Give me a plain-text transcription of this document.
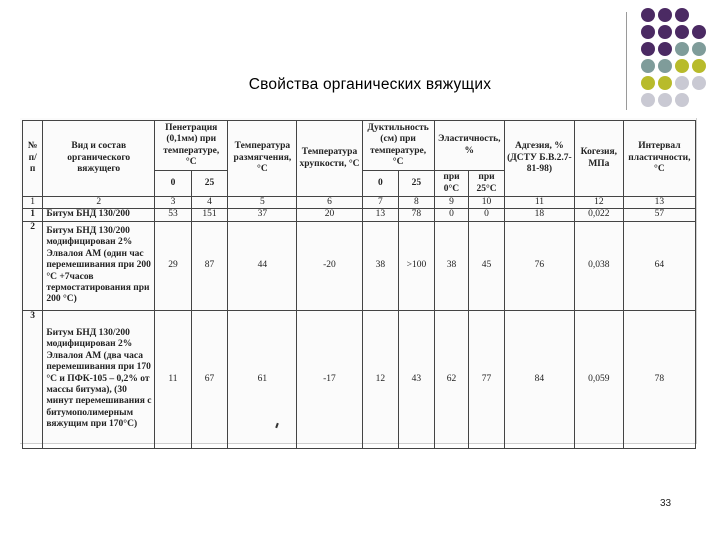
Свойства органических вяжущих
№ п/ п	Вид и состав органического вяжущего	Пенетрация (0,1мм) при температуре, °С		Температура размягчения, °С	Температура хрупкости, °С	Дуктильность (см) при температуре, °С		Эластичность, %		Адгезия, % (ДСТУ Б.В.2.7-81-98)	Когезия, МПа	Интервал пластичности, °С
		0	25			0	25	при 0°С	при 25°С			
1	2	3	4	5	6	7	8	9	10	11	12	13
1	Битум БНД 130/200	53	151	37	20	13	78	0	0	18	0,022	57
2	Битум БНД 130/200 модифицирован 2% Элвалоя АМ (один час перемешивания при 200 °С +7часов термостатирования при 200 °С)	29	87	44	-20	38	>100	38	45	76	0,038	64
3	Битум БНД 130/200 модифицирован 2% Элвалоя АМ (два часа перемешивания при 170 °С и ПФК-105 – 0,2% от массы битума), (30 минут перемешивания с битумополимерным вяжущим при 170°С)	11	67	61	-17	12	43	62	77	84	0,059	78
33
